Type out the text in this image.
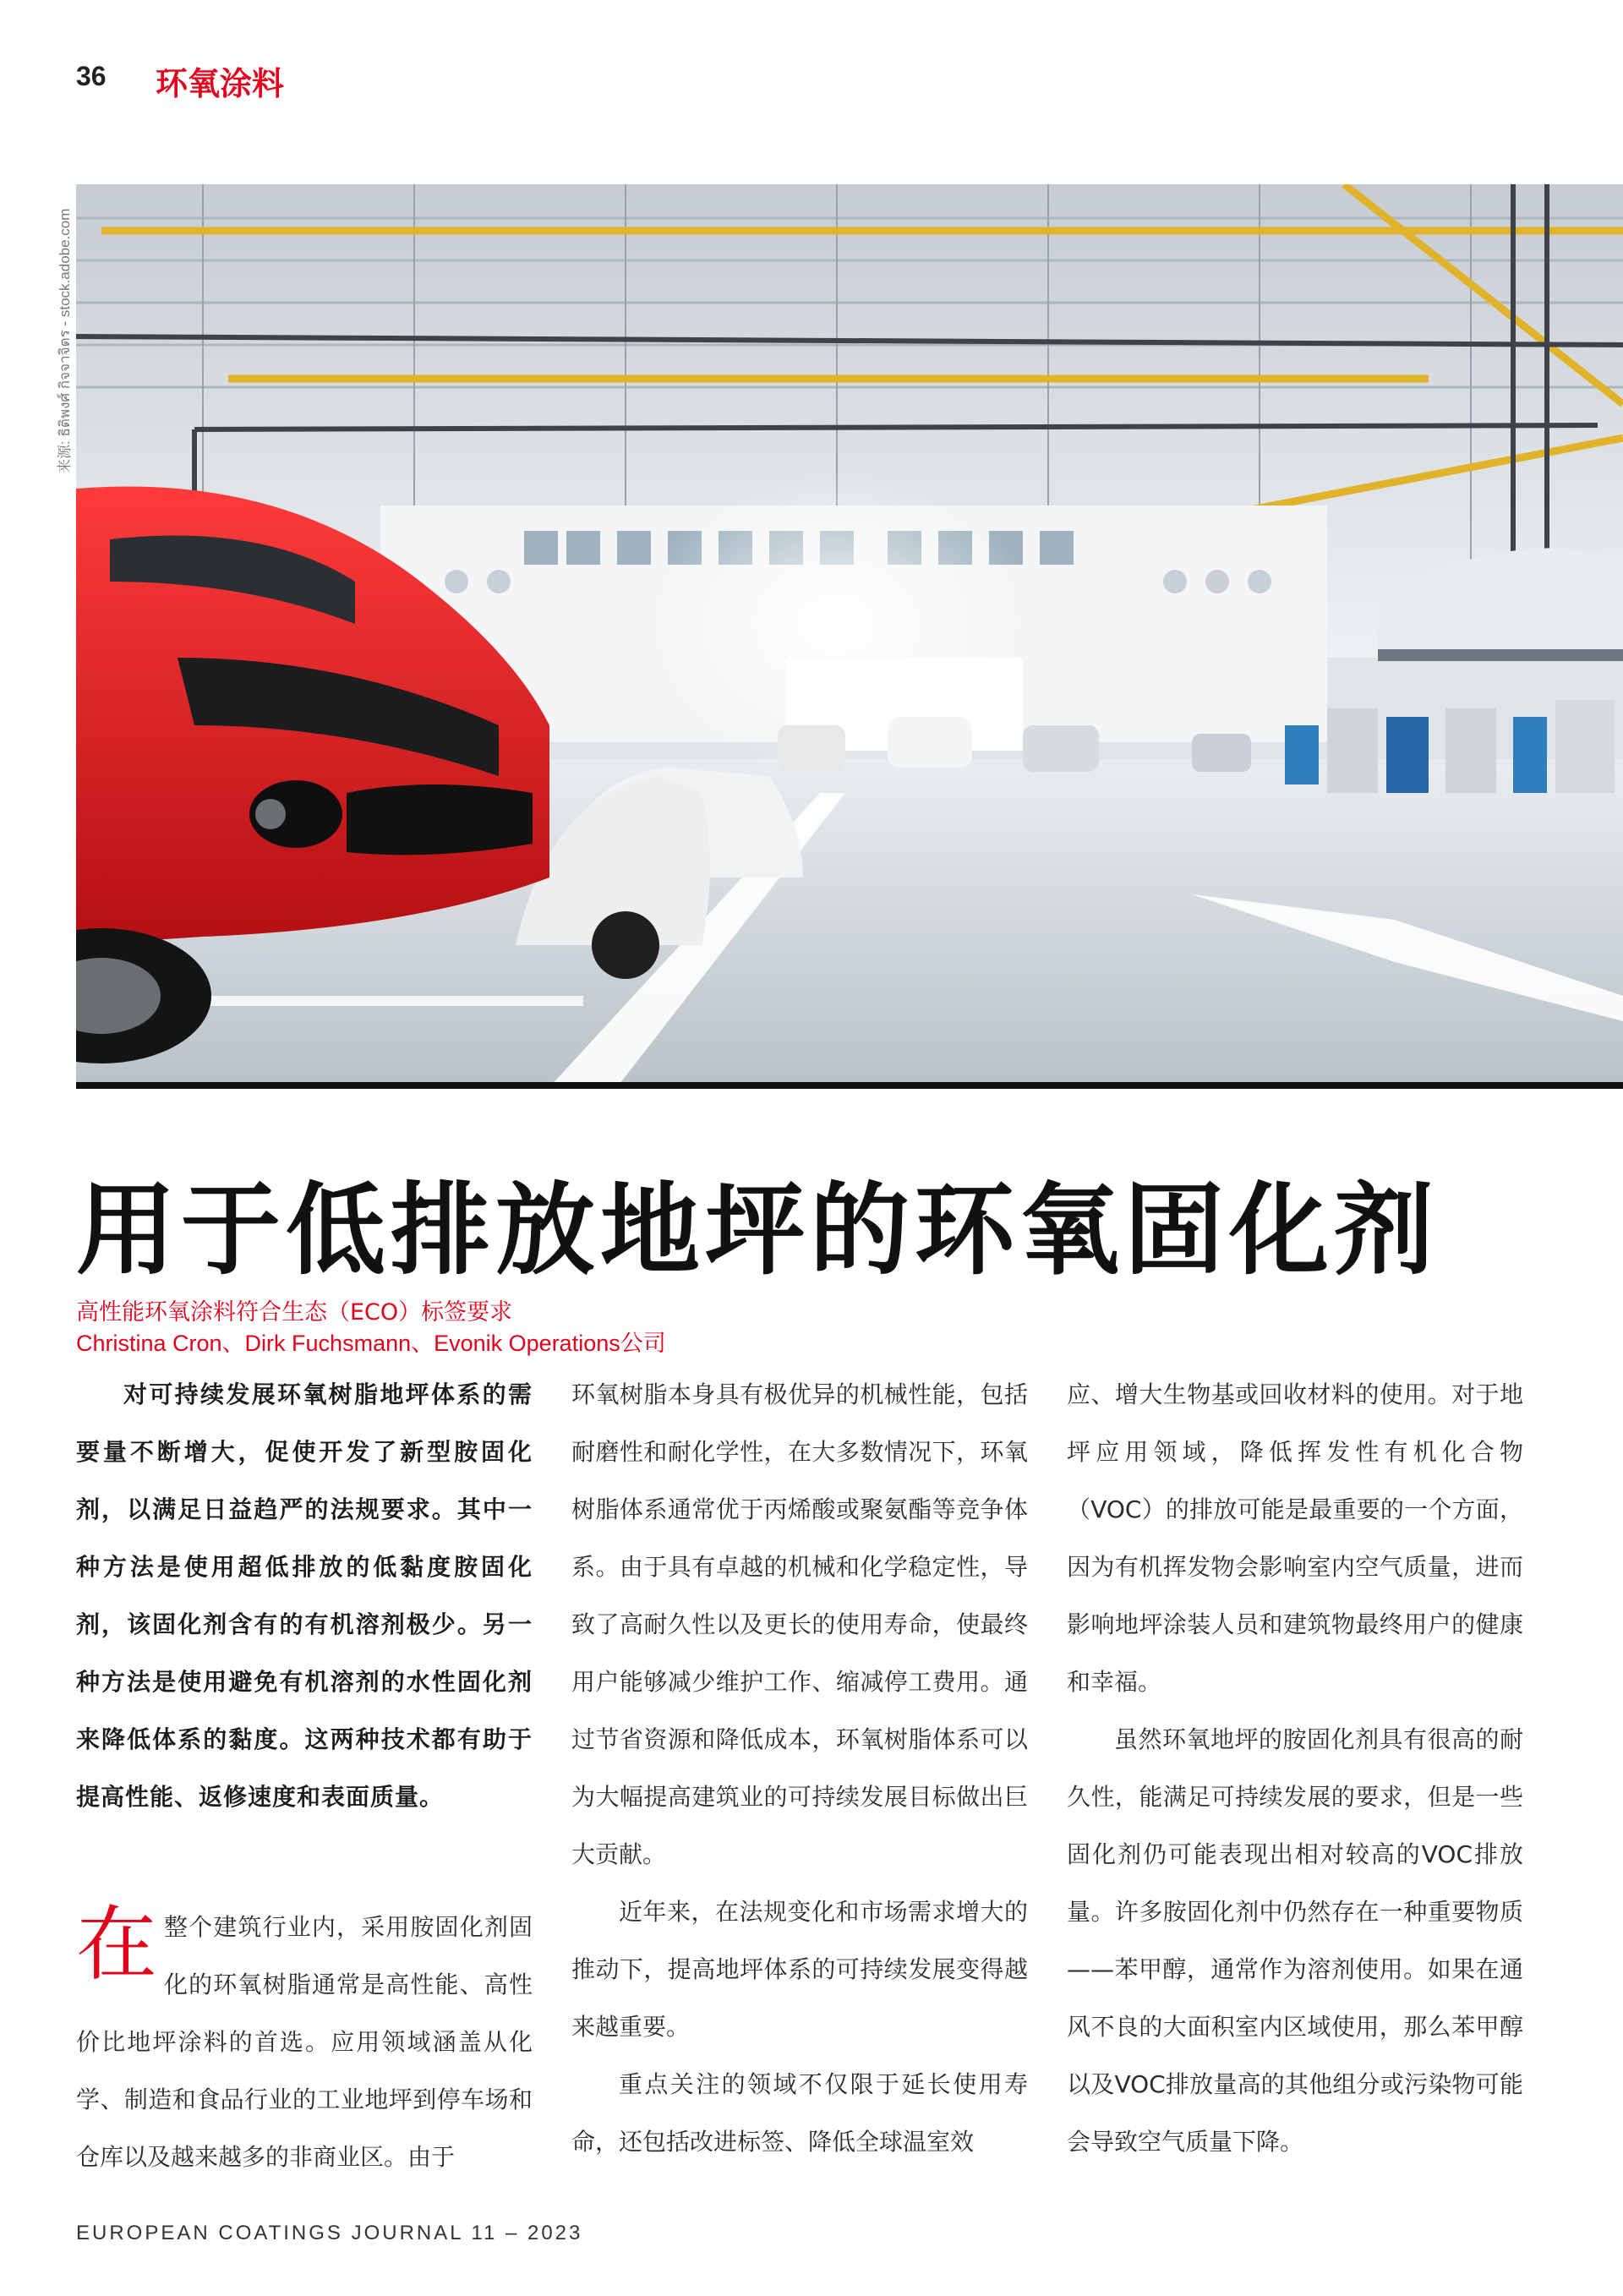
36 环氧涂料
来源: ธิติพงศ์ กิจจาจิตร - stock.adobe.com
用于低排放地坪的环氧固化剂
高性能环氧涂料符合生态（ECO）标签要求
Christina Cron、Dirk Fuchsmann、Evonik Operations公司

对可持续发展环氧树脂地坪体系的需要量不断增大，促使开发了新型胺固化剂，以满足日益趋严的法规要求。其中一种方法是使用超低排放的低黏度胺固化剂，该固化剂含有的有机溶剂极少。另一种方法是使用避免有机溶剂的水性固化剂来降低体系的黏度。这两种技术都有助于提高性能、返修速度和表面质量。

在整个建筑行业内，采用胺固化剂固化的环氧树脂通常是高性能、高性价比地坪涂料的首选。应用领域涵盖从化学、制造和食品行业的工业地坪到停车场和仓库以及越来越多的非商业区。由于

环氧树脂本身具有极优异的机械性能，包括耐磨性和耐化学性，在大多数情况下，环氧树脂体系通常优于丙烯酸或聚氨酯等竞争体系。由于具有卓越的机械和化学稳定性，导致了高耐久性以及更长的使用寿命，使最终用户能够减少维护工作、缩减停工费用。通过节省资源和降低成本，环氧树脂体系可以为大幅提高建筑业的可持续发展目标做出巨大贡献。

近年来，在法规变化和市场需求增大的推动下，提高地坪体系的可持续发展变得越来越重要。

重点关注的领域不仅限于延长使用寿命，还包括改进标签、降低全球温室效

应、增大生物基或回收材料的使用。对于地坪应用领域，降低挥发性有机化合物（VOC）的排放可能是最重要的一个方面，因为有机挥发物会影响室内空气质量，进而影响地坪涂装人员和建筑物最终用户的健康和幸福。

虽然环氧地坪的胺固化剂具有很高的耐久性，能满足可持续发展的要求，但是一些固化剂仍可能表现出相对较高的VOC排放量。许多胺固化剂中仍然存在一种重要物质——苯甲醇，通常作为溶剂使用。如果在通风不良的大面积室内区域使用，那么苯甲醇以及VOC排放量高的其他组分或污染物可能会导致空气质量下降。

EUROPEAN COATINGS JOURNAL 11 – 2023
